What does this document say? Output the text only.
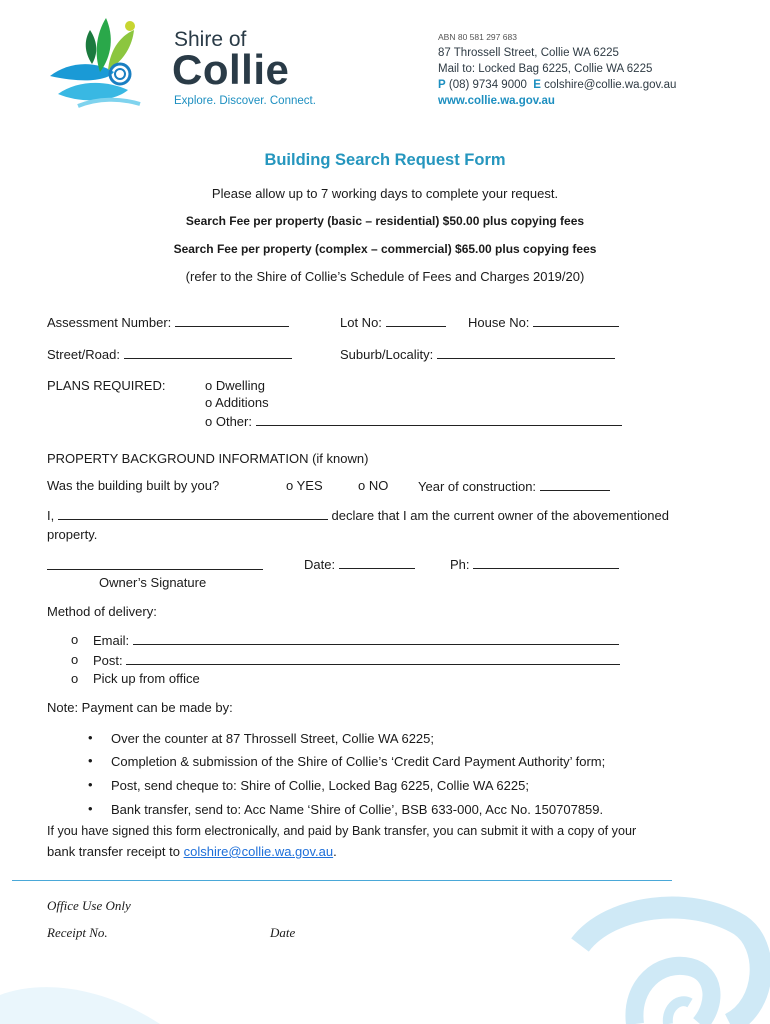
Shire of
Collie
Explore. Discover. Connect.
ABN 80 581 297 683
87 Throssell Street, Collie WA 6225
Mail to: Locked Bag 6225, Collie WA 6225
P (08) 9734 9000 E colshire@collie.wa.gov.au
www.collie.wa.gov.au
Building Search Request Form
Please allow up to 7 working days to complete your request.
Search Fee per property (basic – residential) $50.00 plus copying fees
Search Fee per property (complex – commercial) $65.00 plus copying fees
(refer to the Shire of Collie’s Schedule of Fees and Charges 2019/20)
Assessment Number:	Lot No:	House No:
Street/Road:	Suburb/Locality:
PLANS REQUIRED:	o Dwelling
o Additions
o Other:
PROPERTY BACKGROUND INFORMATION (if known)
Was the building built by you?	o YES	o NO Year of construction:
I,	declare that I am the current owner of the abovementioned
property.
Date:	Ph:
Owner’s Signature
Method of delivery:
o Email:
o Post:
o Pick up from office
Note: Payment can be made by:
• Over the counter at 87 Throssell Street, Collie WA 6225;
• Completion & submission of the Shire of Collie’s ‘Credit Card Payment Authority’ form;
• Post, send cheque to: Shire of Collie, Locked Bag 6225, Collie WA 6225;
• Bank transfer, send to: Acc Name ‘Shire of Collie’, BSB 633-000, Acc No. 150707859.
If you have signed this form electronically, and paid by Bank transfer, you can submit it with a copy of your
bank transfer receipt to colshire@collie.wa.gov.au.
Office Use Only
Receipt No.	Date
